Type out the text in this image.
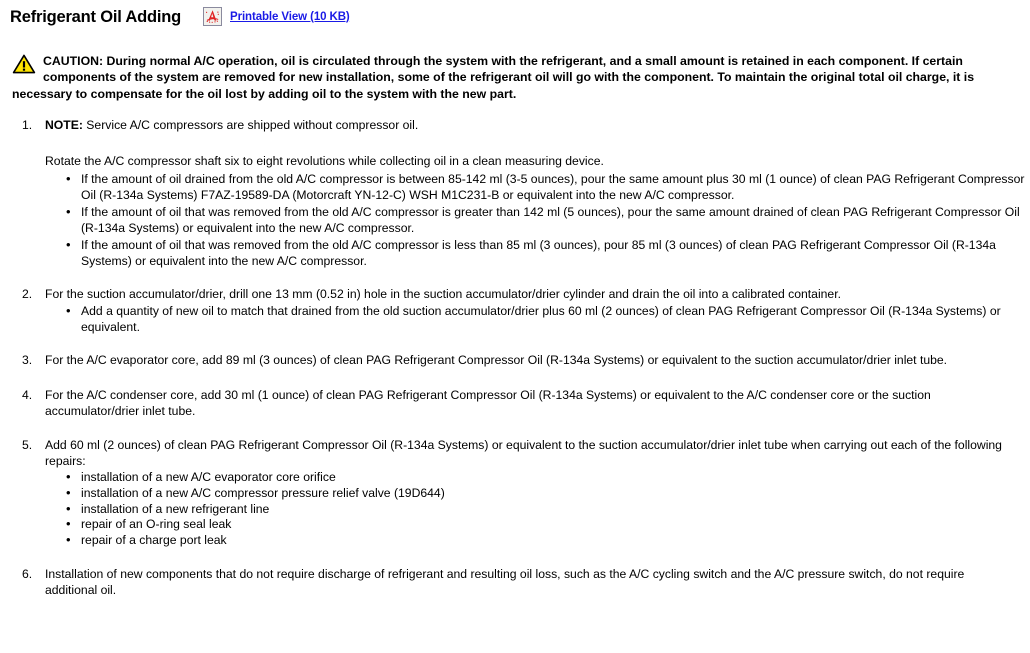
Refrigerant Oil Adding	Printable View (10 KB)
CAUTION: During normal A/C operation, oil is circulated through the system with the refrigerant, and a small amount is retained in each component. If certain components of the system are removed for new installation, some of the refrigerant oil will go with the component. To maintain the original total oil charge, it is necessary to compensate for the oil lost by adding oil to the system with the new part.
1.	NOTE: Service A/C compressors are shipped without compressor oil.
Rotate the A/C compressor shaft six to eight revolutions while collecting oil in a clean measuring device.
• If the amount of oil drained from the old A/C compressor is between 85-142 ml (3-5 ounces), pour the same amount plus 30 ml (1 ounce) of clean PAG Refrigerant Compressor Oil (R-134a Systems) F7AZ-19589-DA (Motorcraft YN-12-C) WSH M1C231-B or equivalent into the new A/C compressor.
• If the amount of oil that was removed from the old A/C compressor is greater than 142 ml (5 ounces), pour the same amount drained of clean PAG Refrigerant Compressor Oil (R-134a Systems) or equivalent into the new A/C compressor.
• If the amount of oil that was removed from the old A/C compressor is less than 85 ml (3 ounces), pour 85 ml (3 ounces) of clean PAG Refrigerant Compressor Oil (R-134a Systems) or equivalent into the new A/C compressor.
2.	For the suction accumulator/drier, drill one 13 mm (0.52 in) hole in the suction accumulator/drier cylinder and drain the oil into a calibrated container.
• Add a quantity of new oil to match that drained from the old suction accumulator/drier plus 60 ml (2 ounces) of clean PAG Refrigerant Compressor Oil (R-134a Systems) or equivalent.
3.	For the A/C evaporator core, add 89 ml (3 ounces) of clean PAG Refrigerant Compressor Oil (R-134a Systems) or equivalent to the suction accumulator/drier inlet tube.
4.	For the A/C condenser core, add 30 ml (1 ounce) of clean PAG Refrigerant Compressor Oil (R-134a Systems) or equivalent to the A/C condenser core or the suction accumulator/drier inlet tube.
5.	Add 60 ml (2 ounces) of clean PAG Refrigerant Compressor Oil (R-134a Systems) or equivalent to the suction accumulator/drier inlet tube when carrying out each of the following repairs:
• installation of a new A/C evaporator core orifice
• installation of a new A/C compressor pressure relief valve (19D644)
• installation of a new refrigerant line
• repair of an O-ring seal leak
• repair of a charge port leak
6.	Installation of new components that do not require discharge of refrigerant and resulting oil loss, such as the A/C cycling switch and the A/C pressure switch, do not require additional oil.
